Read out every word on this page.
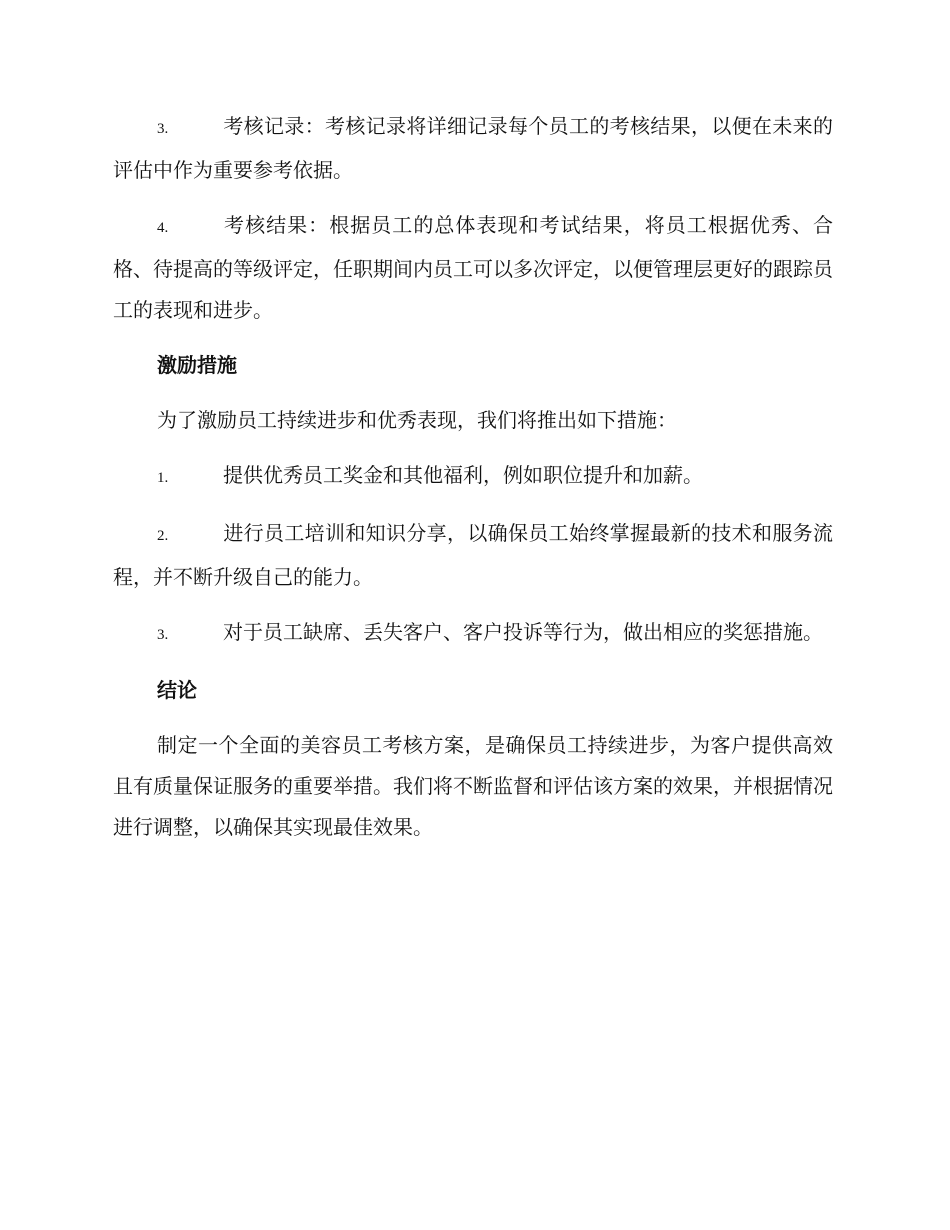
3.	考核记录：考核记录将详细记录每个员工的考核结果，以便在未来的评估中作为重要参考依据。

4.	考核结果：根据员工的总体表现和考试结果，将员工根据优秀、合格、待提高的等级评定，任职期间内员工可以多次评定，以便管理层更好的跟踪员工的表现和进步。

激励措施

为了激励员工持续进步和优秀表现，我们将推出如下措施：

1.	提供优秀员工奖金和其他福利，例如职位提升和加薪。

2.	进行员工培训和知识分享，以确保员工始终掌握最新的技术和服务流程，并不断升级自己的能力。

3.	对于员工缺席、丢失客户、客户投诉等行为，做出相应的奖惩措施。

结论

制定一个全面的美容员工考核方案，是确保员工持续进步，为客户提供高效且有质量保证服务的重要举措。我们将不断监督和评估该方案的效果，并根据情况进行调整，以确保其实现最佳效果。
